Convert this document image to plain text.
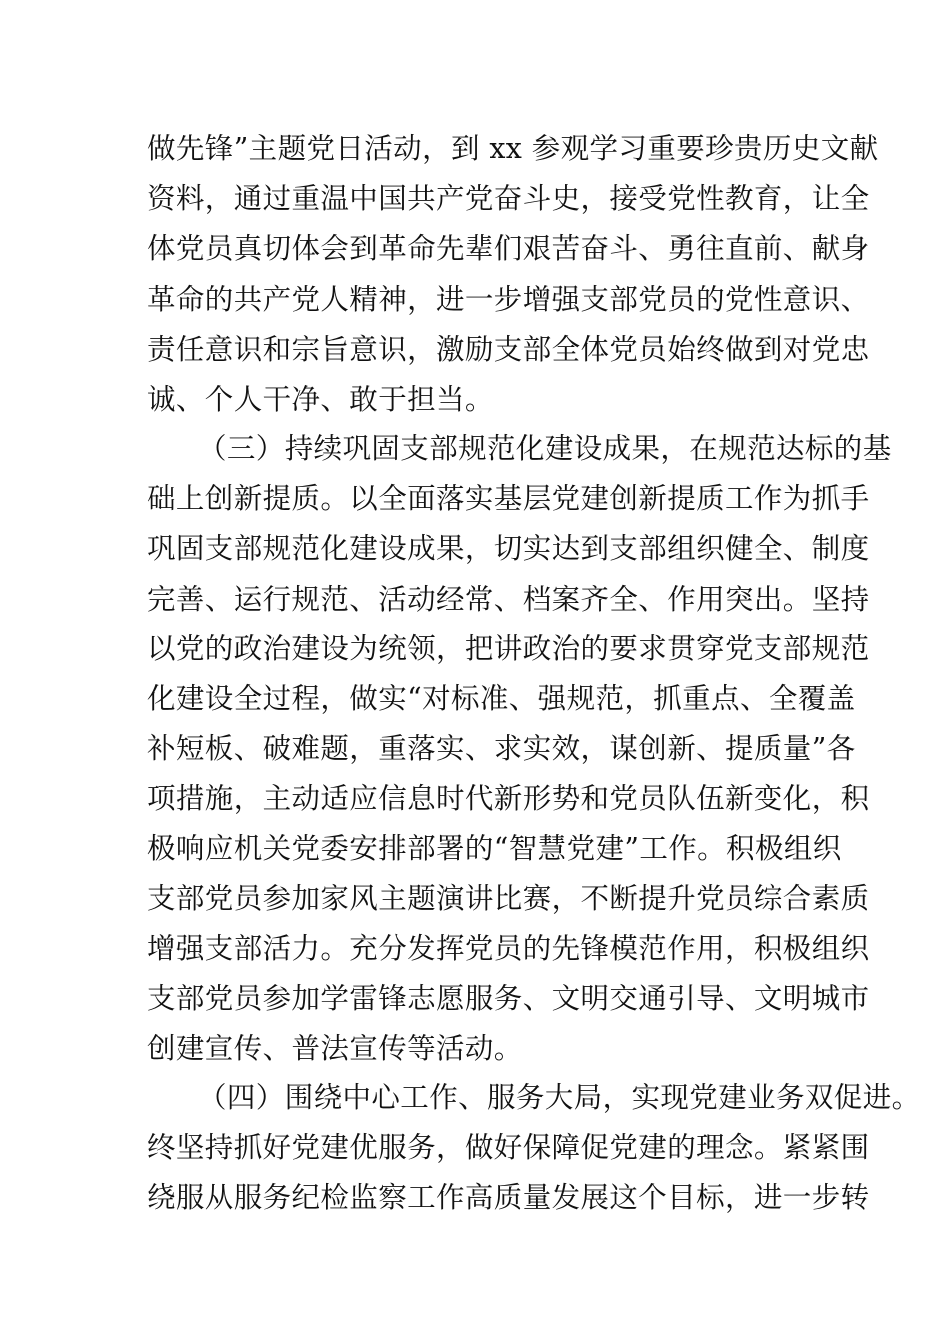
做先锋”主题党日活动，到 xx 参观学习重要珍贵历史文献
资料，通过重温中国共产党奋斗史，接受党性教育，让全
体党员真切体会到革命先辈们艰苦奋斗、勇往直前、献身
革命的共产党人精神，进一步增强支部党员的党性意识、
责任意识和宗旨意识，激励支部全体党员始终做到对党忠
诚、个人干净、敢于担当。
（三）持续巩固支部规范化建设成果，在规范达标的基
础上创新提质。以全面落实基层党建创新提质工作为抓手
巩固支部规范化建设成果，切实达到支部组织健全、制度
完善、运行规范、活动经常、档案齐全、作用突出。坚持
以党的政治建设为统领，把讲政治的要求贯穿党支部规范
化建设全过程，做实“对标准、强规范，抓重点、全覆盖
补短板、破难题，重落实、求实效，谋创新、提质量”各
项措施，主动适应信息时代新形势和党员队伍新变化，积
极响应机关党委安排部署的“智慧党建”工作。积极组织
支部党员参加家风主题演讲比赛，不断提升党员综合素质
增强支部活力。充分发挥党员的先锋模范作用，积极组织
支部党员参加学雷锋志愿服务、文明交通引导、文明城市
创建宣传、普法宣传等活动。
（四）围绕中心工作、服务大局，实现党建业务双促进。
终坚持抓好党建优服务，做好保障促党建的理念。紧紧围
绕服从服务纪检监察工作高质量发展这个目标，进一步转
